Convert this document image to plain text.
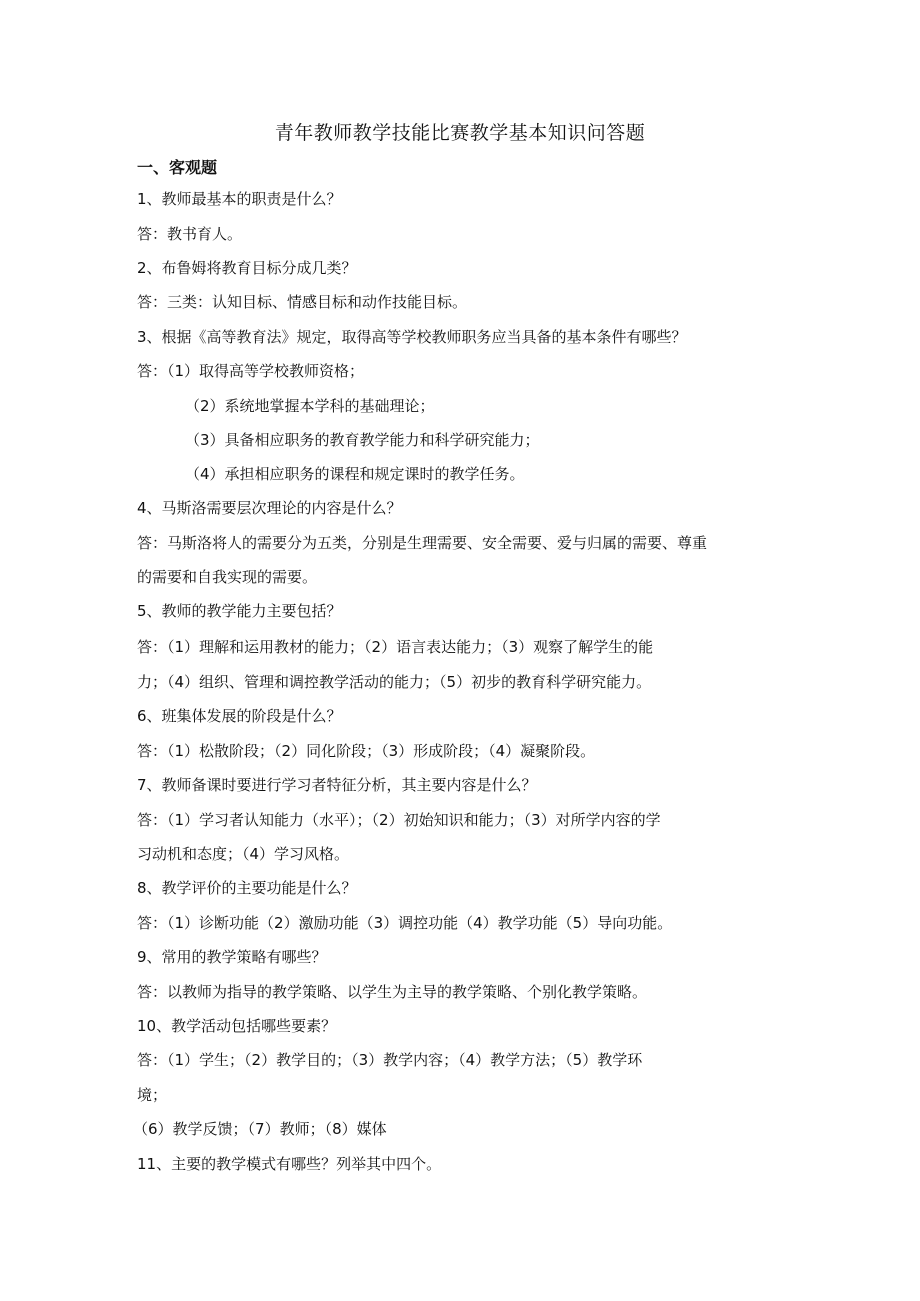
青年教师教学技能比赛教学基本知识问答题
一、客观题
1、教师最基本的职责是什么？
答：教书育人。
2、布鲁姆将教育目标分成几类？
答：三类：认知目标、情感目标和动作技能目标。
3、根据《高等教育法》规定，取得高等学校教师职务应当具备的基本条件有哪些？
答：（1）取得高等学校教师资格；
（2）系统地掌握本学科的基础理论；
（3）具备相应职务的教育教学能力和科学研究能力；
（4）承担相应职务的课程和规定课时的教学任务。
4、马斯洛需要层次理论的内容是什么？
答：马斯洛将人的需要分为五类，分别是生理需要、安全需要、爱与归属的需要、尊重
的需要和自我实现的需要。
5、教师的教学能力主要包括？
答：（1）理解和运用教材的能力；（2）语言表达能力；（3）观察了解学生的能
力；（4）组织、管理和调控教学活动的能力；（5）初步的教育科学研究能力。
6、班集体发展的阶段是什么？
答：（1）松散阶段；（2）同化阶段；（3）形成阶段；（4）凝聚阶段。
7、教师备课时要进行学习者特征分析，其主要内容是什么？
答：（1）学习者认知能力（水平）；（2）初始知识和能力；（3）对所学内容的学
习动机和态度；（4）学习风格。
8、教学评价的主要功能是什么？
答：（1）诊断功能（2）激励功能（3）调控功能（4）教学功能（5）导向功能。
9、常用的教学策略有哪些？
答：以教师为指导的教学策略、以学生为主导的教学策略、个别化教学策略。
10、教学活动包括哪些要素？
答：（1）学生；（2）教学目的；（3）教学内容；（4）教学方法；（5）教学环
境；
（6）教学反馈；（7）教师；（8）媒体
11、主要的教学模式有哪些？列举其中四个。
